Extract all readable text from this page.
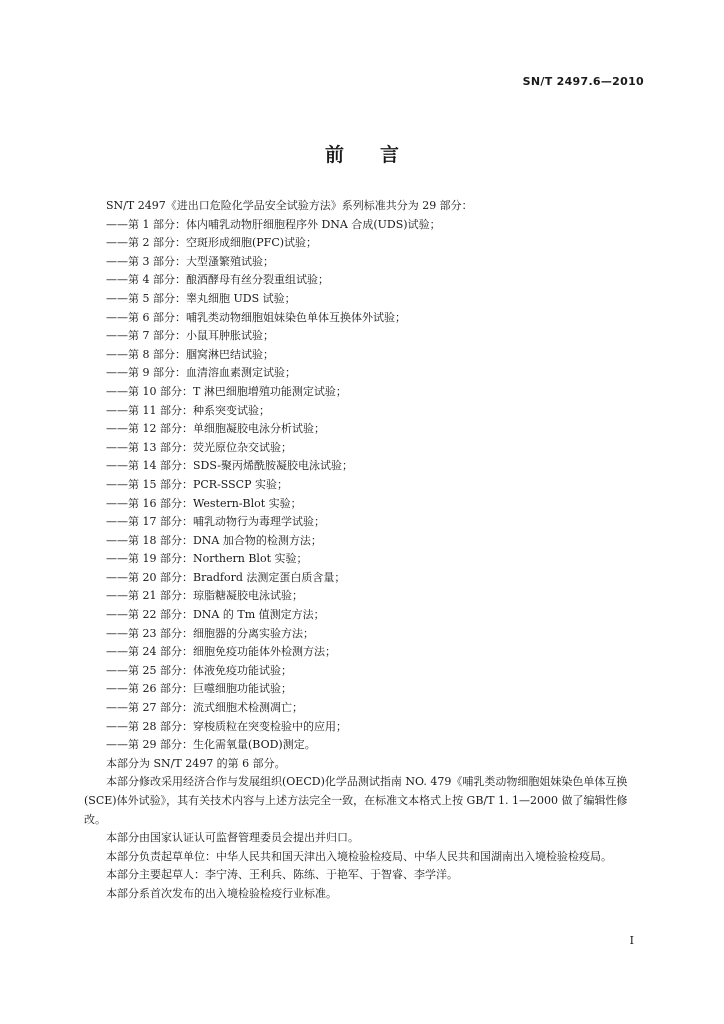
SN/T 2497.6—2010
前言

SN/T 2497《进出口危险化学品安全试验方法》系列标准共分为 29 部分：

——第 1 部分：体内哺乳动物肝细胞程序外 DNA 合成(UDS)试验；

——第 2 部分：空斑形成细胞(PFC)试验；

——第 3 部分：大型溞繁殖试验；

——第 4 部分：酿酒酵母有丝分裂重组试验；

——第 5 部分：睾丸细胞 UDS 试验；

——第 6 部分：哺乳类动物细胞姐妹染色单体互换体外试验；

——第 7 部分：小鼠耳肿胀试验；

——第 8 部分：腘窝淋巴结试验；

——第 9 部分：血清溶血素测定试验；

——第 10 部分：T 淋巴细胞增殖功能测定试验；

——第 11 部分：种系突变试验；

——第 12 部分：单细胞凝胶电泳分析试验；

——第 13 部分：荧光原位杂交试验；

——第 14 部分：SDS-聚丙烯酰胺凝胶电泳试验；

——第 15 部分：PCR-SSCP 实验；

——第 16 部分：Western-Blot 实验；

——第 17 部分：哺乳动物行为毒理学试验；

——第 18 部分：DNA 加合物的检测方法；

——第 19 部分：Northern Blot 实验；

——第 20 部分：Bradford 法测定蛋白质含量；

——第 21 部分：琼脂糖凝胶电泳试验；

——第 22 部分：DNA 的 Tm 值测定方法；

——第 23 部分：细胞器的分离实验方法；

——第 24 部分：细胞免疫功能体外检测方法；

——第 25 部分：体液免疫功能试验；

——第 26 部分：巨噬细胞功能试验；

——第 27 部分：流式细胞术检测凋亡；

——第 28 部分：穿梭质粒在突变检验中的应用；

——第 29 部分：生化需氧量(BOD)测定。

本部分为 SN/T 2497 的第 6 部分。

本部分修改采用经济合作与发展组织(OECD)化学品测试指南 NO. 479《哺乳类动物细胞姐妹染色单体互换(SCE)体外试验》，其有关技术内容与上述方法完全一致，在标准文本格式上按 GB/T 1. 1—2000 做了编辑性修改。

本部分由国家认证认可监督管理委员会提出并归口。

本部分负责起草单位：中华人民共和国天津出入境检验检疫局、中华人民共和国湖南出入境检验检疫局。

本部分主要起草人：李宁涛、王利兵、陈练、于艳军、于智睿、李学洋。

本部分系首次发布的出入境检验检疫行业标准。

I
